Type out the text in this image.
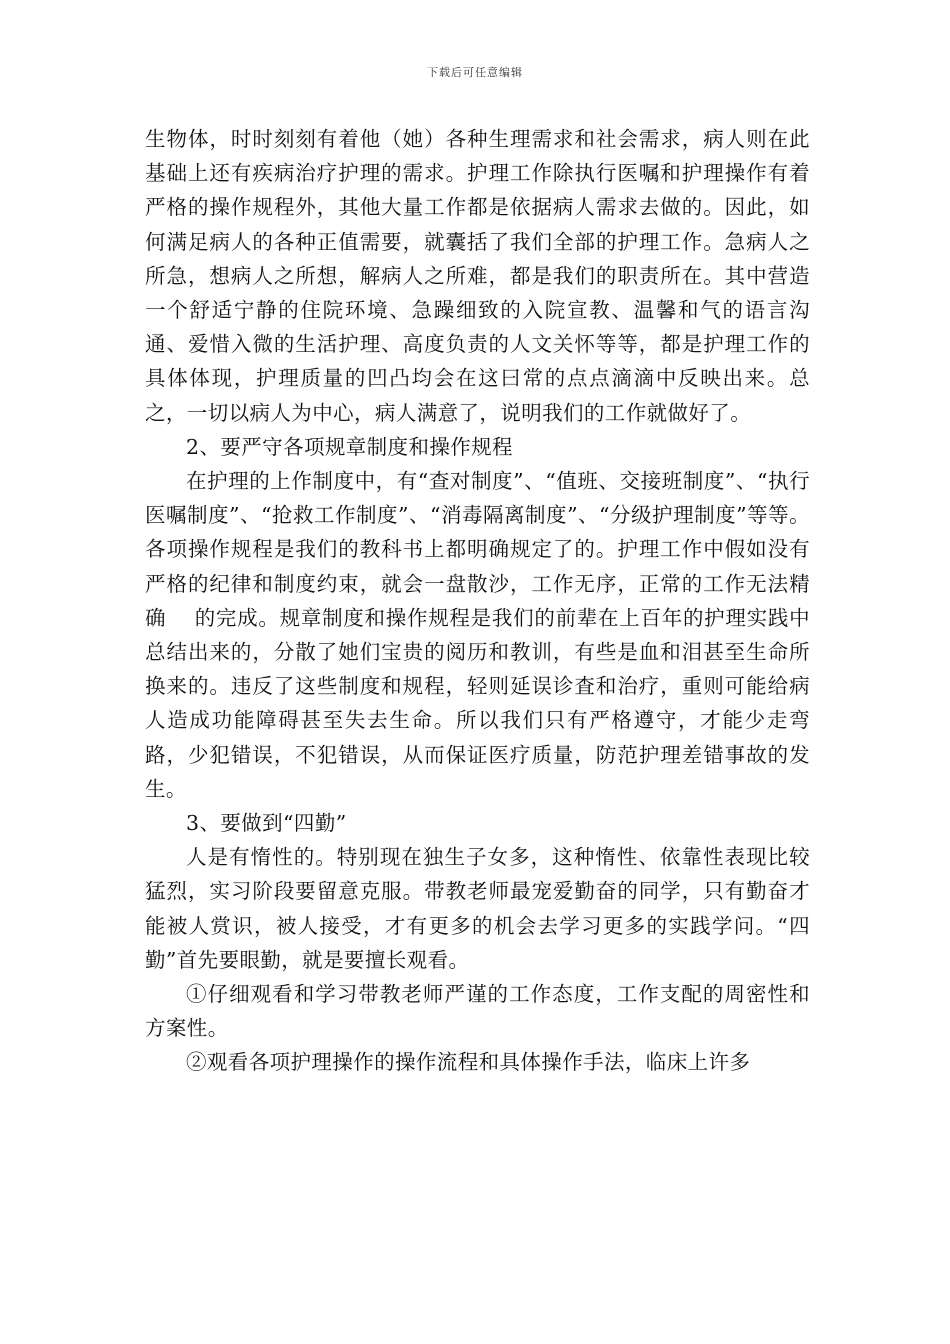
下载后可任意编辑

生物体，时时刻刻有着他（她）各种生理需求和社会需求，病人则在此基础上还有疾病治疗护理的需求。护理工作除执行医嘱和护理操作有着严格的操作规程外，其他大量工作都是依据病人需求去做的。因此，如何满足病人的各种正值需要，就囊括了我们全部的护理工作。急病人之所急，想病人之所想，解病人之所难，都是我们的职责所在。其中营造一个舒适宁静的住院环境、急躁细致的入院宣教、温馨和气的语言沟通、爱惜入微的生活护理、高度负责的人文关怀等等，都是护理工作的具体体现，护理质量的凹凸均会在这曰常的点点滴滴中反映出来。总之，一切以病人为中心，病人满意了，说明我们的工作就做好了。

2、要严守各项规章制度和操作规程

在护理的上作制度中，有“查对制度”、“值班、交接班制度”、“执行医嘱制度”、“抢救工作制度”、“消毒隔离制度”、“分级护理制度”等等。各项操作规程是我们的教科书上都明确规定了的。护理工作中假如没有严格的纪律和制度约束，就会一盘散沙，工作无序，正常的工作无法精确　 的完成。规章制度和操作规程是我们的前辈在上百年的护理实践中总结出来的，分散了她们宝贵的阅历和教训，有些是血和泪甚至生命所换来的。违反了这些制度和规程，轻则延误诊査和治疗，重则可能给病人造成功能障碍甚至失去生命。所以我们只有严格遵守，才能少走弯路，少犯错误，不犯错误，从而保证医疗质量，防范护理差错事故的发生。

3、要做到“四勤”

人是有惰性的。特别现在独生子女多，这种惰性、依靠性表现比较猛烈，实习阶段要留意克服。带教老师最宠爱勤奋的同学，只有勤奋才能被人赏识，被人接受，才有更多的机会去学习更多的实践学问。“四勤”首先要眼勤，就是要擅长观看。

①仔细观看和学习带教老师严谨的工作态度，工作支配的周密性和方案性。

②观看各项护理操作的操作流程和具体操作手法，临床上许多
